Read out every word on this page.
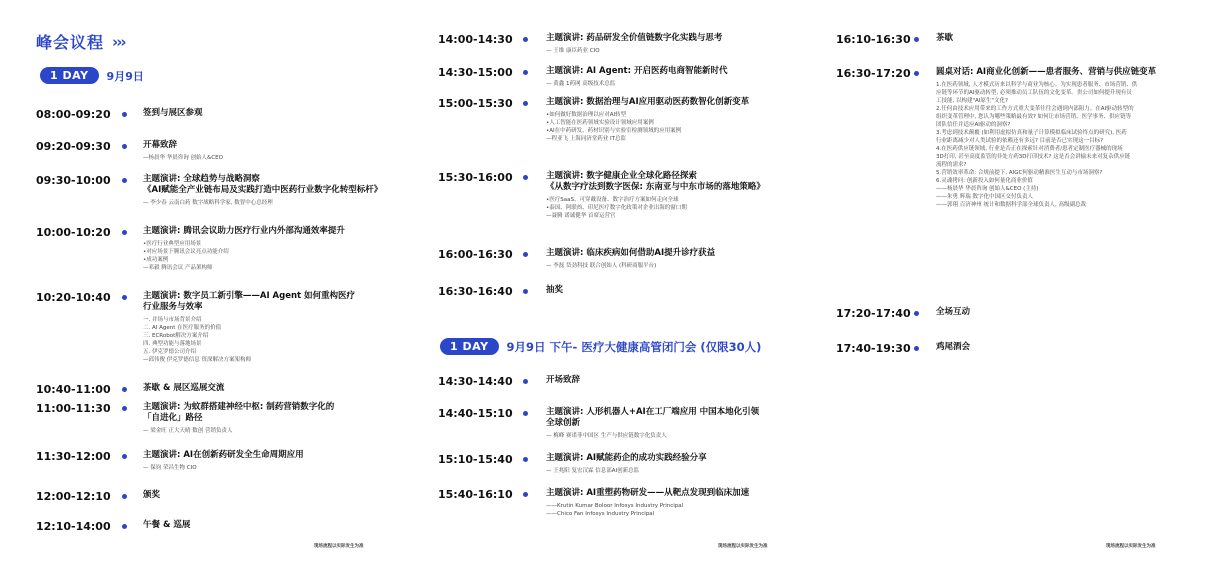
峰会议程 ›››
1 DAY	9月9日
08:00-09:20	签到与展区参观
09:20-09:30	开幕致辞
—杨晨华 华晨咨询 创始人&CEO
09:30-10:00	主题演讲: 全球趋势与战略洞察
《AI赋能全产业链布局及实践打造中医药行业数字化转型标杆》
— 李少春 云南白药 数字战略科学家, 数智中心总经理
10:00-10:20	主题演讲: 腾讯会议助力医疗行业内外部沟通效率提升
•医疗行业典型应用场景
•对应场景下腾讯会议亮点功能介绍
•成功案例
—邓毅 腾讯会议 产品架构师
10:20-10:40	主题演讲: 数字员工新引擎——AI Agent 如何重构医疗
行业服务与效率
一. 并场与市场背景介绍
二. AI Agent 在医疗服务的价值
三. ECRobot解决方案介绍
四. 典型功能与落地场景
五. 伊克罗德公司介绍
—邱伟俊 伊克罗德信息 资深解决方案架构师
10:40-11:00	茶歇 & 展区巡展交流
11:00-11:30	主题演讲: 为蚊群搭建神经中枢: 制药营销数字化的
「自进化」路径
— 梁金旺 正大天晴 数创 营销负责人
11:30-12:00	主题演讲: AI在创新药研发全生命周期应用
— 保钧 荣昌生物 CIO
12:00-12:10	颁奖
12:10-14:00	午餐 & 巡展
现场流程以实际发生为准
14:00-14:30	主题演讲: 药品研发全价值链数字化实践与思考
— 王维 康臣药业 CIO
14:30-15:00	主题演讲: AI Agent: 开启医药电商智能新时代
— 黄鑫 1药网 高级技术总监
15:00-15:30	主题演讲: 数据治理与AI应用驱动医药数智化创新变革
•如何做好数据治理以应对AI转型
•人工智能在医药领域实验设计领域应用案例
•AI在中药研发、药材识别与实验室检测领域的应用案例
—程亚飞 上海同济堂药业 IT总监
15:30-16:00	主题演讲: 数字健康企业全球化路径探索
《从数字疗法到数字医保: 东南亚与中东市场的落地策略》
•医疗SaaS、可穿戴设备、数字治疗方案如何走向全球
•泰国、阿联酋、印尼医疗数字化政策对企业出海的窗口期
—聂腾 诺诚健华 首席运营官
16:00-16:30	主题演讲: 临床疾病如何借助AI提升诊疗获益
— 李磊 岱劲科技 联合创始人 (科研商服平台)
16:30-16:40	抽奖
1 DAY	9月9日 下午- 医疗大健康高管闭门会 (仅限30人)
14:30-14:40	开场致辞
14:40-15:10	主题演讲: 人形机器人+AI在工厂端应用 中国本地化引领
全球创新
— 梅峰 赛诺菲中国区 生产与供应链数字化负责人
15:10-15:40	主题演讲: AI赋能药企的成功实践经验分享
— 王兆阳 复宏汉霖 信息部AI创新总监
15:40-16:10	主题演讲: AI重塑药物研发——从靶点发现到临床加速
——Krutin Kumar Boloor Infosys Industry Principal
——Chico Fan Infosys Industry Principal
现场流程以实际发生为准
16:10-16:30	茶歇
16:30-17:20	圆桌对话: AI商业化创新——患者服务、营销与供应链变革
1.在医药领域, 人才模式历来以科学与商业为核心。为实现患者服务、市场营销、供
应链等环节的AI驱动转型, 必须推动员工队伍的文化变革。贵公司如何提升现有员
工技能, 以构建"AI原生"文化?
2.任何由技术应用带来的工作方式重大变革往往会遇到内部阻力。在AI驱动转型的
组织变革管理中, 您认为哪些策略最有效? 如何让市场营销、医学事务、供应链等
团队信任并适应AI驱动的洞察?
3.考虑到技术颠覆 (如利用虚拟仿真和量子计算模拟临床试验终点的研究), 医药
行业距离减少对人类试验的依赖还有多远? 目前是否已实现这一目标?
4.在医药供应链领域, 行业是否正在探索针对消费者/患者定制医疗器械的现场
3D打印, 甚至高度监管的非处方药3D打印技术? 这是否会讲输未来对复杂供应链
流程的需求?
5.营销效率革命: 合规前提下, AIGC何驱动精准医生互动与市场洞察?
6.灵魂拷问: 创新投入如何量化商业价值
——杨晨华 华晨咨询 创始人&CEO (主持)
——朱勇 辉瑞 数字化中国区交付负责人
——郭翔 百济神州 统计和数据科学部全球负责人, 高级副总裁
17:20-17:40	全场互动
17:40-19:30	鸡尾酒会
现场流程以实际发生为准
